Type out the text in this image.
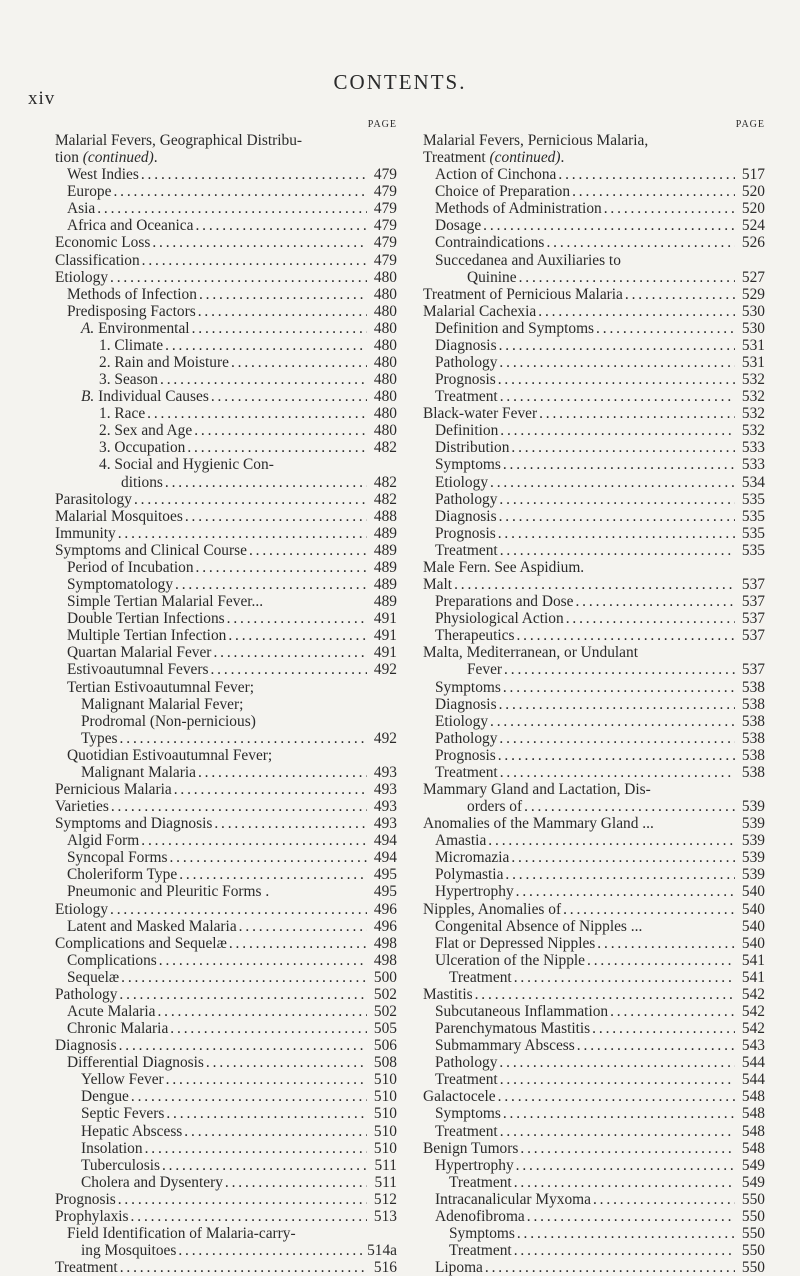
xiv
CONTENTS.
PAGE
Malarial Fevers, Geographical Distribu-
tion (continued).
West Indies . . .	479
Europe . . .	479
Asia . . .	479
Africa and Oceanica . . .	479
Economic Loss . . .	479
Classification . . .	479
Etiology . . .	480
Methods of Infection . . .	480
Predisposing Factors . . .	480
A. Environmental . . .	480
1. Climate . . .	480
2. Rain and Moisture . . .	480
3. Season . . .	480
B. Individual Causes . . .	480
1. Race . . .	480
2. Sex and Age . . .	480
3. Occupation . . .	482
4. Social and Hygienic Con-
ditions . . .	482
Parasitology . . .	482
Malarial Mosquitoes . . .	488
Immunity . . .	489
Symptoms and Clinical Course . . .	489
Period of Incubation . . .	489
Symptomatology . . .	489
Simple Tertian Malarial Fever...	489
Double Tertian Infections . . .	491
Multiple Tertian Infection . . .	491
Quartan Malarial Fever . . .	491
Estivoautumnal Fevers . . .	492
Tertian Estivoautumnal Fever;
Malignant Malarial Fever;
Prodromal (Non-pernicious)
Types . . .	492
Quotidian Estivoautumnal Fever;
Malignant Malaria . . .	493
Pernicious Malaria . . .	493
Varieties . . .	493
Symptoms and Diagnosis . . .	493
Algid Form . . .	494
Syncopal Forms . . .	494
Choleriform Type . . .	495
Pneumonic and Pleuritic Forms .	495
Etiology . . .	496
Latent and Masked Malaria . . .	496
Complications and Sequelæ . . .	498
Complications . . .	498
Sequelæ . . .	500
Pathology . . .	502
Acute Malaria . . .	502
Chronic Malaria . . .	505
Diagnosis . . .	506
Differential Diagnosis . . .	508
Yellow Fever . . .	510
Dengue . . .	510
Septic Fevers . . .	510
Hepatic Abscess . . .	510
Insolation . . .	510
Tuberculosis . . .	511
Cholera and Dysentery . . .	511
Prognosis . . .	512
Prophylaxis . . .	513
Field Identification of Malaria-carry-
ing Mosquitoes . . .	514a
Treatment . . .	516
PAGE
Malarial Fevers, Pernicious Malaria,
Treatment (continued).
Action of Cinchona . . .	517
Choice of Preparation . . .	520
Methods of Administration . . .	520
Dosage . . .	524
Contraindications . . .	526
Succedanea and Auxiliaries to
Quinine . . .	527
Treatment of Pernicious Malaria . . .	529
Malarial Cachexia . . .	530
Definition and Symptoms . . .	530
Diagnosis . . .	531
Pathology . . .	531
Prognosis . . .	532
Treatment . . .	532
Black-water Fever . . .	532
Definition . . .	532
Distribution . . .	533
Symptoms . . .	533
Etiology . . .	534
Pathology . . .	535
Diagnosis . . .	535
Prognosis . . .	535
Treatment . . .	535
Male Fern. See Aspidium.
Malt . . .	537
Preparations and Dose . . .	537
Physiological Action . . .	537
Therapeutics . . .	537
Malta, Mediterranean, or Undulant
Fever . . .	537
Symptoms . . .	538
Diagnosis . . .	538
Etiology . . .	538
Pathology . . .	538
Prognosis . . .	538
Treatment . . .	538
Mammary Gland and Lactation, Dis-
orders of . . .	539
Anomalies of the Mammary Gland ...	539
Amastia . . .	539
Micromazia . . .	539
Polymastia . . .	539
Hypertrophy . . .	540
Nipples, Anomalies of . . .	540
Congenital Absence of Nipples ...	540
Flat or Depressed Nipples . . .	540
Ulceration of the Nipple . . .	541
Treatment . . .	541
Mastitis . . .	542
Subcutaneous Inflammation . . .	542
Parenchymatous Mastitis . . .	542
Submammary Abscess . . .	543
Pathology . . .	544
Treatment . . .	544
Galactocele . . .	548
Symptoms . . .	548
Treatment . . .	548
Benign Tumors . . .	548
Hypertrophy . . .	549
Treatment . . .	549
Intracanalicular Myxoma . . .	550
Adenofibroma . . .	550
Symptoms . . .	550
Treatment . . .	550
Lipoma . . .	550
